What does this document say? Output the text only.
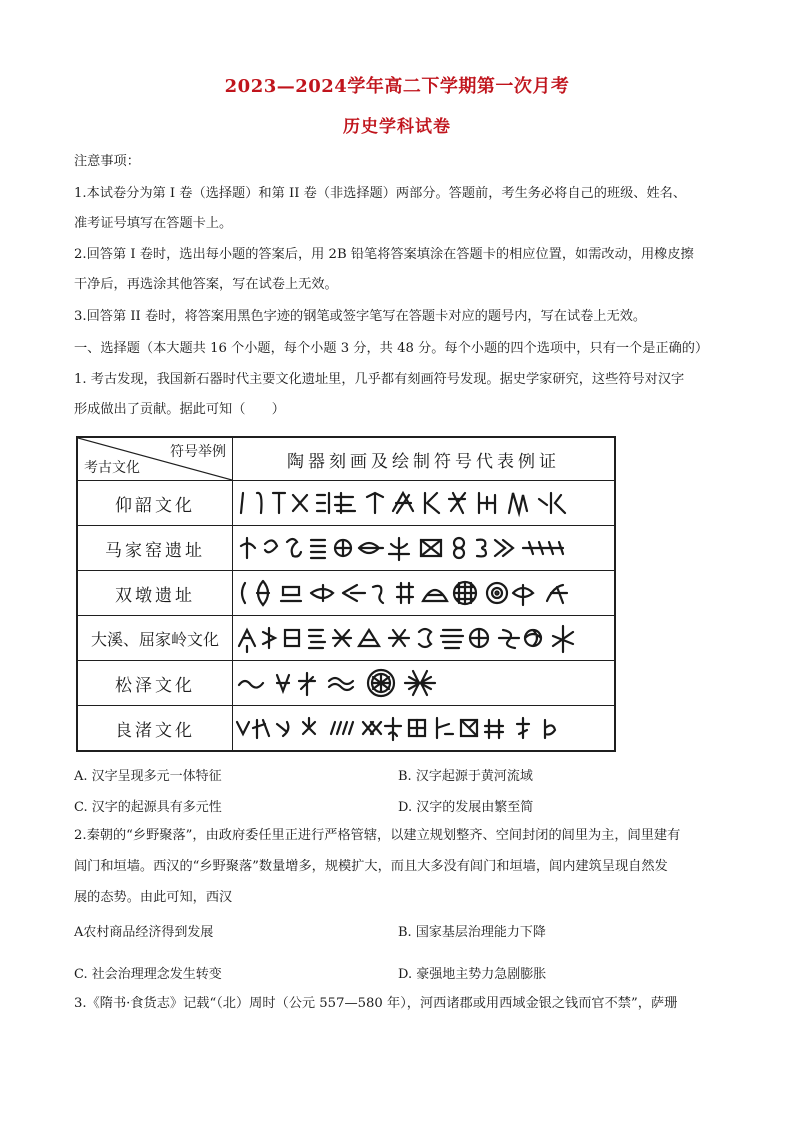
2023—2024学年高二下学期第一次月考
历史学科试卷
注意事项：
1.本试卷分为第 I 卷（选择题）和第 II 卷（非选择题）两部分。答题前，考生务必将自己的班级、姓名、
准考证号填写在答题卡上。
2.回答第 I 卷时，选出每小题的答案后，用 2B 铅笔将答案填涂在答题卡的相应位置，如需改动，用橡皮擦
干净后，再选涂其他答案，写在试卷上无效。
3.回答第 II 卷时，将答案用黑色字迹的钢笔或签字笔写在答题卡对应的题号内，写在试卷上无效。
一、选择题（本大题共 16 个小题，每个小题 3 分，共 48 分。每个小题的四个选项中，只有一个是正确的）
1. 考古发现，我国新石器时代主要文化遗址里，几乎都有刻画符号发现。据史学家研究，这些符号对汉字
形成做出了贡献。据此可知（　　）
符号举例
考古文化	陶器刻画及绘制符号代表例证
仰韶文化	

马家窑遗址	

双墩遗址	

大溪、屈家岭文化	

松泽文化	

良渚文化	
A. 汉字呈现多元一体特征	B. 汉字起源于黄河流域
C. 汉字的起源具有多元性	D. 汉字的发展由繁至简
2.秦朝的“乡野聚落”，由政府委任里正进行严格管辖，以建立规划整齐、空间封闭的闾里为主，闾里建有
闾门和垣墙。西汉的“乡野聚落”数量增多，规模扩大，而且大多没有闾门和垣墙，闾内建筑呈现自然发
展的态势。由此可知，西汉
A农村商品经济得到发展	B. 国家基层治理能力下降
C. 社会治理理念发生转变	D. 豪强地主势力急剧膨胀
3.《隋书·食货志》记载“（北）周时（公元 557—580 年），河西诸郡或用西域金银之钱而官不禁”，萨珊
